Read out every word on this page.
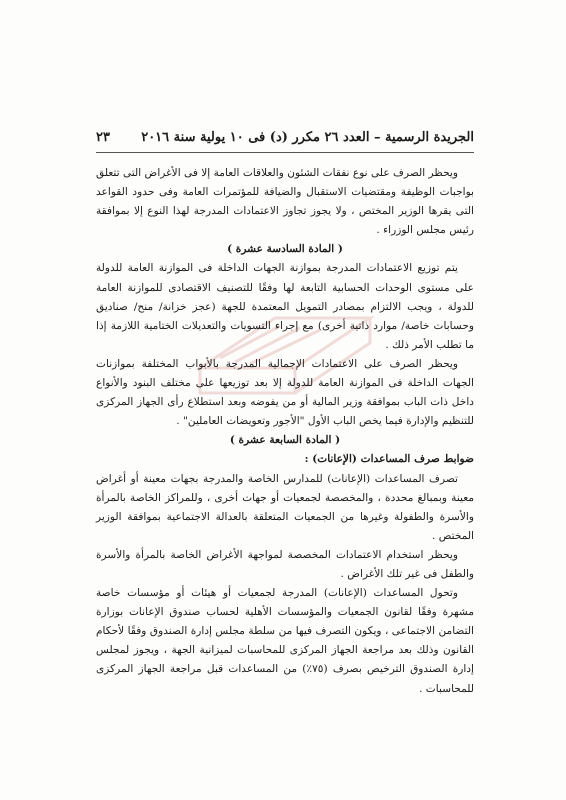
الجريدة الرسمية – العدد ٢٦ مكرر (د) فى ١٠ يولية سنة ٢٠١٦
٢٣

ويحظر الصرف على نوع نفقات الشئون والعلاقات العامة إلا فى الأغراض التى تتعلق بواجبات الوظيفة ومقتضيات الاستقبال والضيافة للمؤتمرات العامة وفى حدود القواعد التى يقرها الوزير المختص ، ولا يجوز تجاوز الاعتمادات المدرجة لهذا النوع إلا بموافقة رئيس مجلس الوزراء .

( المادة السادسة عشرة )

يتم توزيع الاعتمادات المدرجة بموازنة الجهات الداخلة فى الموازنة العامة للدولة على مستوى الوحدات الحسابية التابعة لها وفقًا للتصنيف الاقتصادى للموازنة العامة للدولة ، ويجب الالتزام بمصادر التمويل المعتمدة للجهة (عجز خزانة/ منح/ صناديق وحسابات خاصة/ موارد ذاتية أخرى) مع إجراء التسويات والتعديلات الختامية اللازمة إذا ما تطلب الأمر ذلك .

ويحظر الصرف على الاعتمادات الإجمالية المدرجة بالأبواب المختلفة بموازنات الجهات الداخلة فى الموازنة العامة للدولة إلا بعد توزيعها على مختلف البنود والأنواع داخل ذات الباب بموافقة وزير المالية أو من يفوضه وبعد استطلاع رأى الجهاز المركزى للتنظيم والإدارة فيما يخص الباب الأول "الأجور وتعويضات العاملين" .

( المادة السابعة عشرة )

ضوابط صرف المساعدات (الإعانات) :

تصرف المساعدات (الإعانات) للمدارس الخاصة والمدرجة بجهات معينة أو أغراض معينة وبمبالغ محددة ، والمخصصة لجمعيات أو جهات أخرى ، وللمراكز الخاصة بالمرأة والأسرة والطفولة وغيرها من الجمعيات المتعلقة بالعدالة الاجتماعية بموافقة الوزير المختص .

ويحظر استخدام الاعتمادات المخصصة لمواجهة الأغراض الخاصة بالمرأة والأسرة والطفل فى غير تلك الأغراض .

وتحول المساعدات (الإعانات) المدرجة لجمعيات أو هيئات أو مؤسسات خاصة مشهرة وفقًا لقانون الجمعيات والمؤسسات الأهلية لحساب صندوق الإعانات بوزارة التضامن الاجتماعى ، ويكون التصرف فيها من سلطة مجلس إدارة الصندوق وفقًا لأحكام القانون وذلك بعد مراجعة الجهاز المركزى للمحاسبات لميزانية الجهة ، ويجوز لمجلس إدارة الصندوق الترخيص بصرف (٧٥٪) من المساعدات قبل مراجعة الجهاز المركزى للمحاسبات .
